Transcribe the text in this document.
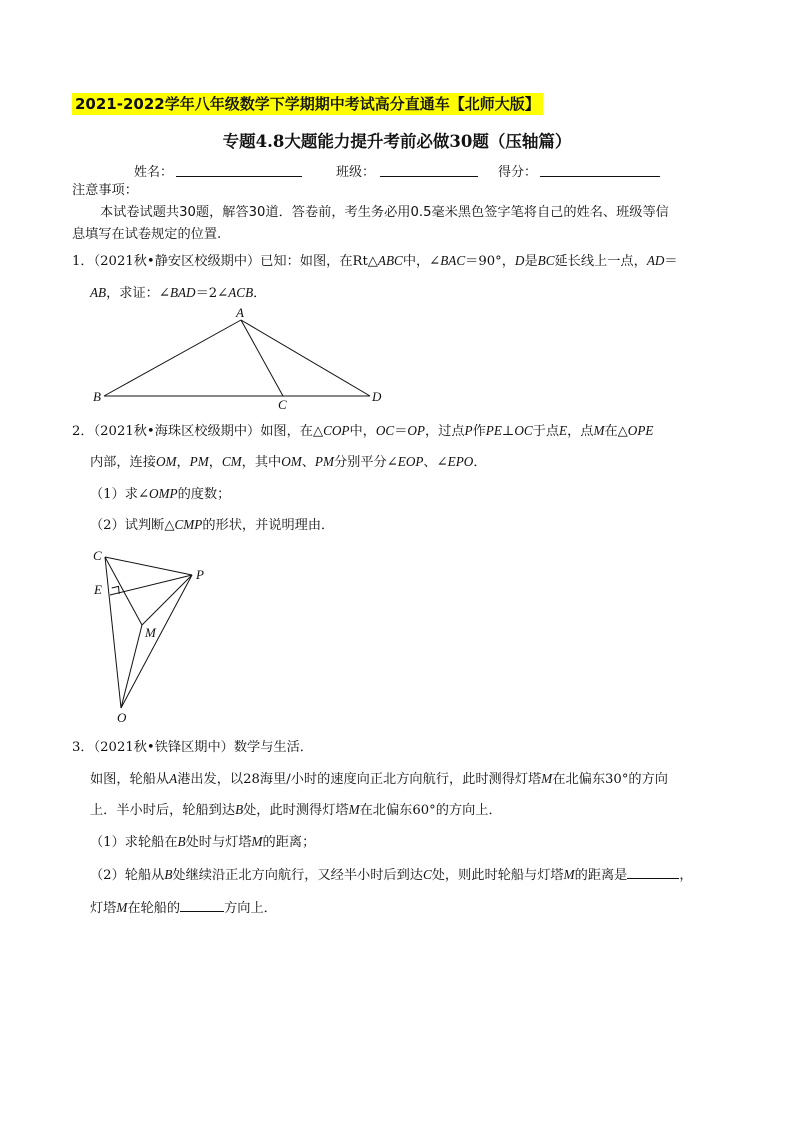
2021-2022学年八年级数学下学期期中考试高分直通车【北师大版】
专题4.8大题能力提升考前必做30题（压轴篇）
姓名：	班级：	得分：
注意事项：
本试卷试题共30题，解答30道．答卷前，考生务必用0.5毫米黑色签字笔将自己的姓名、班级等信
息填写在试卷规定的位置.
1．（2021秋•静安区校级期中）已知：如图，在Rt△ABC中，∠BAC＝90°，D是BC延长线上一点，AD＝
AB，求证：∠BAD＝2∠ACB．
A
B
C
D
2．（2021秋•海珠区校级期中）如图，在△COP中，OC＝OP，过点P作PE⊥OC于点E，点M在△OPE
内部，连接OM，PM，CM，其中OM、PM分别平分∠EOP、∠EPO．
（1）求∠OMP的度数；
（2）试判断△CMP的形状，并说明理由．
C
P
E
M
O
3．（2021秋•铁锋区期中）数学与生活．
如图，轮船从A港出发，以28海里/小时的速度向正北方向航行，此时测得灯塔M在北偏东30°的方向
上．半小时后，轮船到达B处，此时测得灯塔M在北偏东60°的方向上．
（1）求轮船在B处时与灯塔M的距离；
（2）轮船从B处继续沿正北方向航行，又经半小时后到达C处，则此时轮船与灯塔M的距离是	，
灯塔M在轮船的	方向上．
